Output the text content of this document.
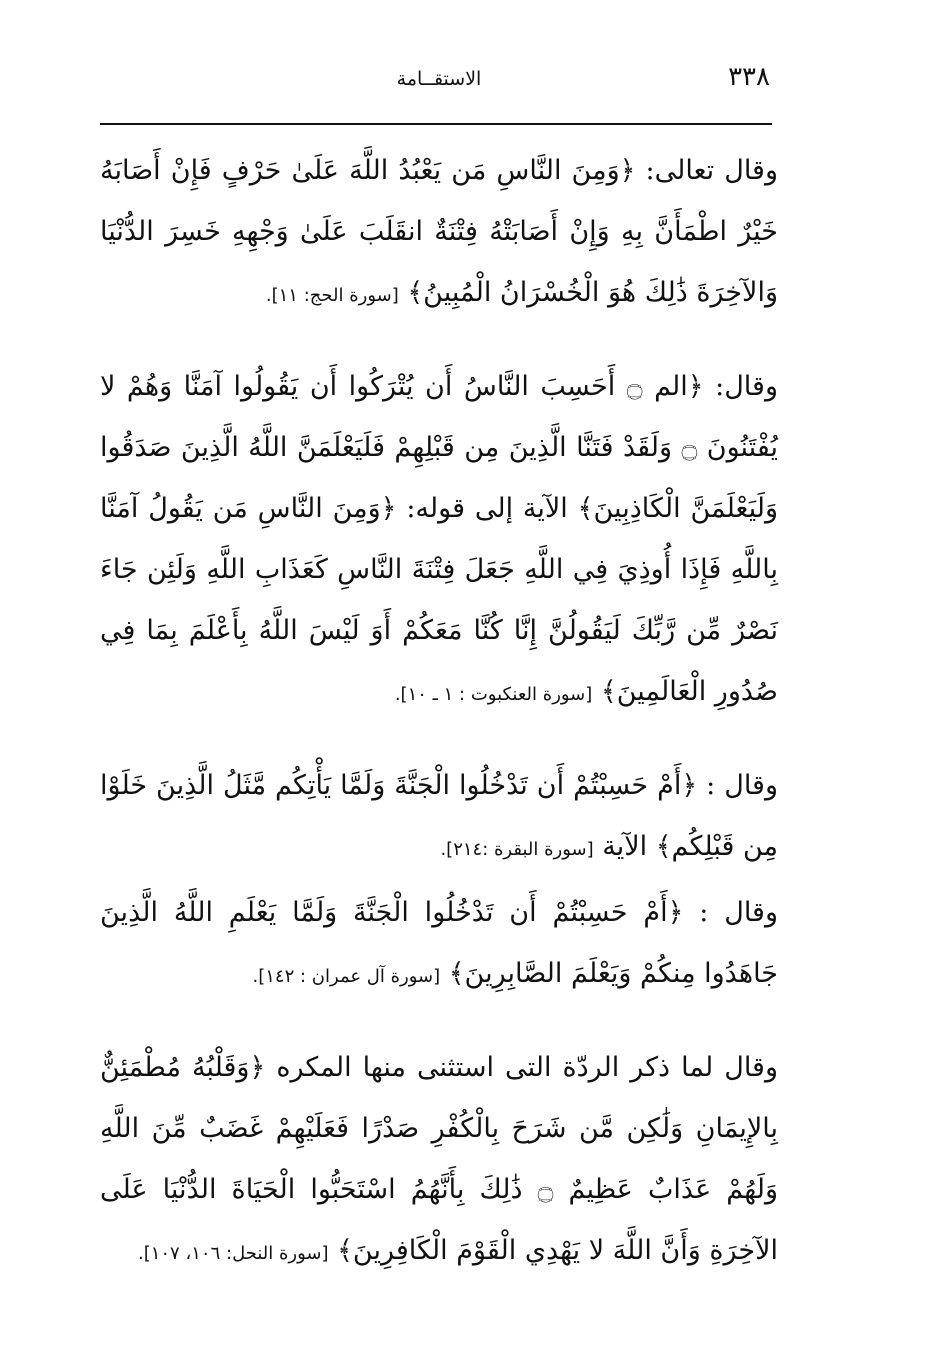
٣٣٨
الاستقــامة

وقال تعالى: ﴿وَمِنَ النَّاسِ مَن يَعْبُدُ اللَّهَ عَلَىٰ حَرْفٍ فَإِنْ أَصَابَهُ خَيْرٌ اطْمَأَنَّ بِهِ وَإِنْ أَصَابَتْهُ فِتْنَةٌ انقَلَبَ عَلَىٰ وَجْهِهِ خَسِرَ الدُّنْيَا وَالآخِرَةَ ذَٰلِكَ هُوَ الْخُسْرَانُ الْمُبِينُ﴾ [سورة الحج: ١١].

وقال: ﴿الم ۝ أَحَسِبَ النَّاسُ أَن يُتْرَكُوا أَن يَقُولُوا آمَنَّا وَهُمْ لا يُفْتَنُونَ ۝ وَلَقَدْ فَتَنَّا الَّذِينَ مِن قَبْلِهِمْ فَلَيَعْلَمَنَّ اللَّهُ الَّذِينَ صَدَقُوا وَلَيَعْلَمَنَّ الْكَاذِبِينَ﴾ الآية إلى قوله: ﴿وَمِنَ النَّاسِ مَن يَقُولُ آمَنَّا بِاللَّهِ فَإِذَا أُوذِيَ فِي اللَّهِ جَعَلَ فِتْنَةَ النَّاسِ كَعَذَابِ اللَّهِ وَلَئِن جَاءَ نَصْرٌ مِّن رَّبِّكَ لَيَقُولُنَّ إِنَّا كُنَّا مَعَكُمْ أَوَ لَيْسَ اللَّهُ بِأَعْلَمَ بِمَا فِي صُدُورِ الْعَالَمِينَ﴾ [سورة العنكبوت : ١ ـ ١٠].

وقال : ﴿أَمْ حَسِبْتُمْ أَن تَدْخُلُوا الْجَنَّةَ وَلَمَّا يَأْتِكُم مَّثَلُ الَّذِينَ خَلَوْا مِن قَبْلِكُم﴾ الآية [سورة البقرة :٢١٤].

وقال : ﴿أَمْ حَسِبْتُمْ أَن تَدْخُلُوا الْجَنَّةَ وَلَمَّا يَعْلَمِ اللَّهُ الَّذِينَ جَاهَدُوا مِنكُمْ وَيَعْلَمَ الصَّابِرِينَ﴾ [سورة آل عمران : ١٤٢].

وقال لما ذكر الردّة التى استثنى منها المكره ﴿وَقَلْبُهُ مُطْمَئِنٌّ بِالإِيمَانِ وَلَٰكِن مَّن شَرَحَ بِالْكُفْرِ صَدْرًا فَعَلَيْهِمْ غَضَبٌ مِّنَ اللَّهِ وَلَهُمْ عَذَابٌ عَظِيمٌ ۝ ذَٰلِكَ بِأَنَّهُمُ اسْتَحَبُّوا الْحَيَاةَ الدُّنْيَا عَلَى الآخِرَةِ وَأَنَّ اللَّهَ لا يَهْدِي الْقَوْمَ الْكَافِرِينَ﴾ [سورة النحل: ١٠٦، ١٠٧].
